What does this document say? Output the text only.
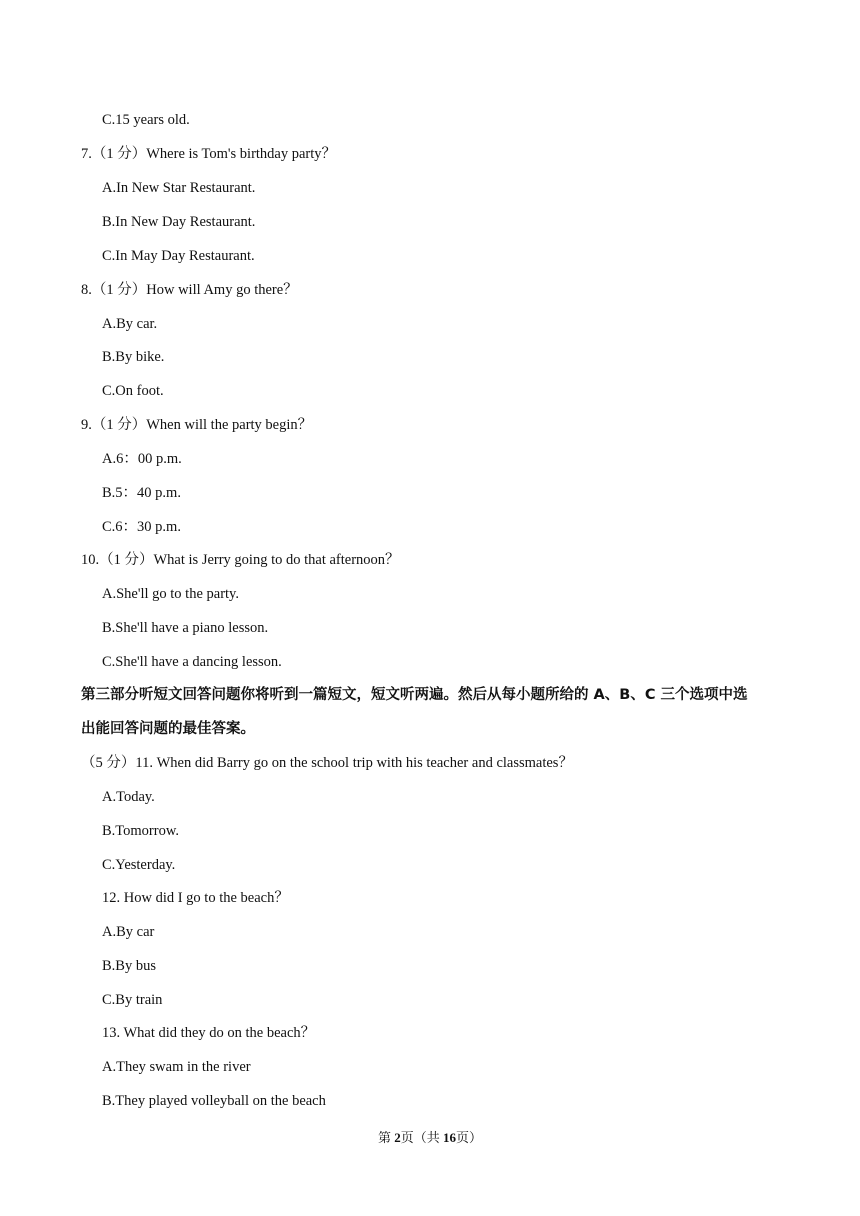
C.15 years old.
7.（1 分）Where is Tom's birthday party？
A.In New Star Restaurant.
B.In New Day Restaurant.
C.In May Day Restaurant.
8.（1 分）How will Amy go there？
A.By car.
B.By bike.
C.On foot.
9.（1 分）When will the party begin？
A.6：00 p.m.
B.5：40 p.m.
C.6：30 p.m.
10.（1 分）What is Jerry going to do that afternoon？
A.She'll go to the party.
B.She'll have a piano lesson.
C.She'll have a dancing lesson.
第三部分听短文回答问题你将听到一篇短文，短文听两遍。然后从每小题所给的 A、B、C 三个选项中选
出能回答问题的最佳答案。
（5 分）11. When did Barry go on the school trip with his teacher and classmates？
A.Today.
B.Tomorrow.
C.Yesterday.
12. How did I go to the beach？
A.By car
B.By bus
C.By train
13. What did they do on the beach？
A.They swam in the river
B.They played volleyball on the beach
第 2页（共 16页）
